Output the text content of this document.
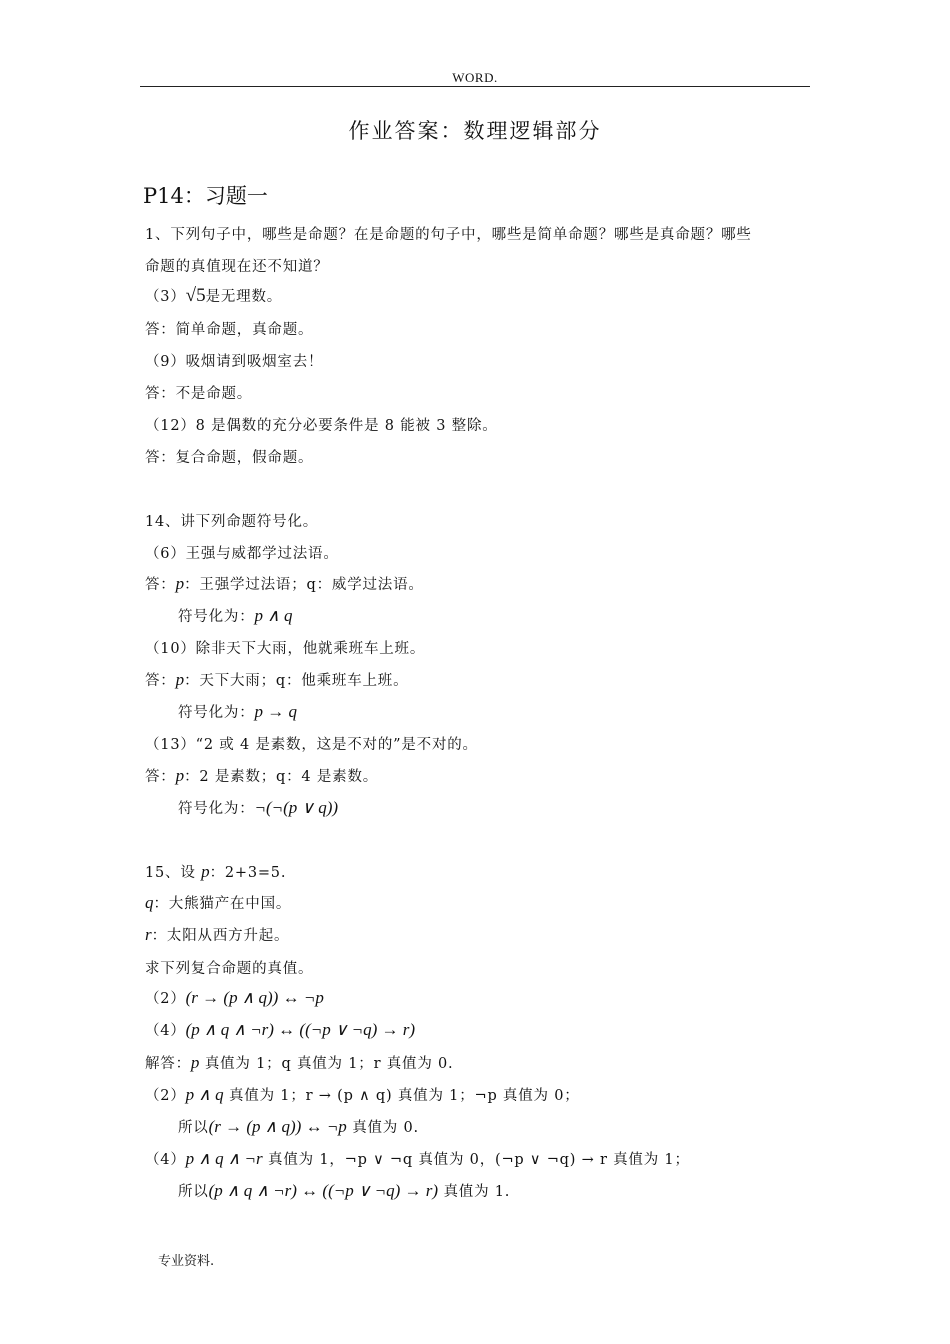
WORD.
作业答案：数理逻辑部分
P14：习题一
1、下列句子中，哪些是命题？在是命题的句子中，哪些是简单命题？哪些是真命题？哪些
命题的真值现在还不知道？
（3）√5是无理数。
答：简单命题，真命题。
（9）吸烟请到吸烟室去！
答：不是命题。
（12）8 是偶数的充分必要条件是 8 能被 3 整除。
答：复合命题，假命题。
14、讲下列命题符号化。
（6）王强与威都学过法语。
答：p：王强学过法语；q：威学过法语。
符号化为：p ∧ q
（10）除非天下大雨，他就乘班车上班。
答：p：天下大雨；q：他乘班车上班。
符号化为：p → q
（13）“2 或 4 是素数，这是不对的”是不对的。
答：p：2 是素数；q：4 是素数。
符号化为：¬(¬(p ∨ q))
15、设 p：2+3=5.
q：大熊猫产在中国。
r：太阳从西方升起。
求下列复合命题的真值。
（2）(r → (p ∧ q)) ↔ ¬p
（4）(p ∧ q ∧ ¬r) ↔ ((¬p ∨ ¬q) → r)
解答：p 真值为 1；q 真值为 1；r 真值为 0.
（2）p ∧ q 真值为 1；r → (p ∧ q) 真值为 1；¬p 真值为 0；
所以(r → (p ∧ q)) ↔ ¬p 真值为 0.
（4）p ∧ q ∧ ¬r 真值为 1，¬p ∨ ¬q 真值为 0，(¬p ∨ ¬q) → r 真值为 1；
所以(p ∧ q ∧ ¬r) ↔ ((¬p ∨ ¬q) → r) 真值为 1.
专业资料.
